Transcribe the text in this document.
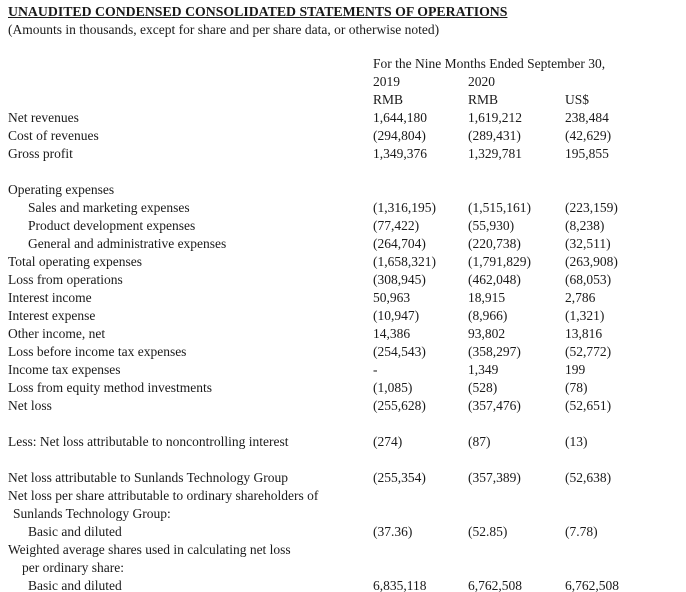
UNAUDITED CONDENSED CONSOLIDATED STATEMENTS OF OPERATIONS

(Amounts in thousands, except for share and per share data, or otherwise noted)

For the Nine Months Ended September 30,
2019	2020
RMB	RMB	US$
Net revenues	1,644,180	1,619,212	238,484
Cost of revenues	(294,804)	(289,431)	(42,629)
Gross profit	1,349,376	1,329,781	195,855
Operating expenses
Sales and marketing expenses	(1,316,195)	(1,515,161)	(223,159)
Product development expenses	(77,422)	(55,930)	(8,238)
General and administrative expenses	(264,704)	(220,738)	(32,511)
Total operating expenses	(1,658,321)	(1,791,829)	(263,908)
Loss from operations	(308,945)	(462,048)	(68,053)
Interest income	50,963	18,915	2,786
Interest expense	(10,947)	(8,966)	(1,321)
Other income, net	14,386	93,802	13,816
Loss before income tax expenses	(254,543)	(358,297)	(52,772)
Income tax expenses	-	1,349	199
Loss from equity method investments	(1,085)	(528)	(78)
Net loss	(255,628)	(357,476)	(52,651)
Less: Net loss attributable to noncontrolling interest	(274)	(87)	(13)
Net loss attributable to Sunlands Technology Group	(255,354)	(357,389)	(52,638)
Net loss per share attributable to ordinary shareholders of
Sunlands Technology Group:
Basic and diluted	(37.36)	(52.85)	(7.78)
Weighted average shares used in calculating net loss
per ordinary share:
Basic and diluted	6,835,118	6,762,508	6,762,508
